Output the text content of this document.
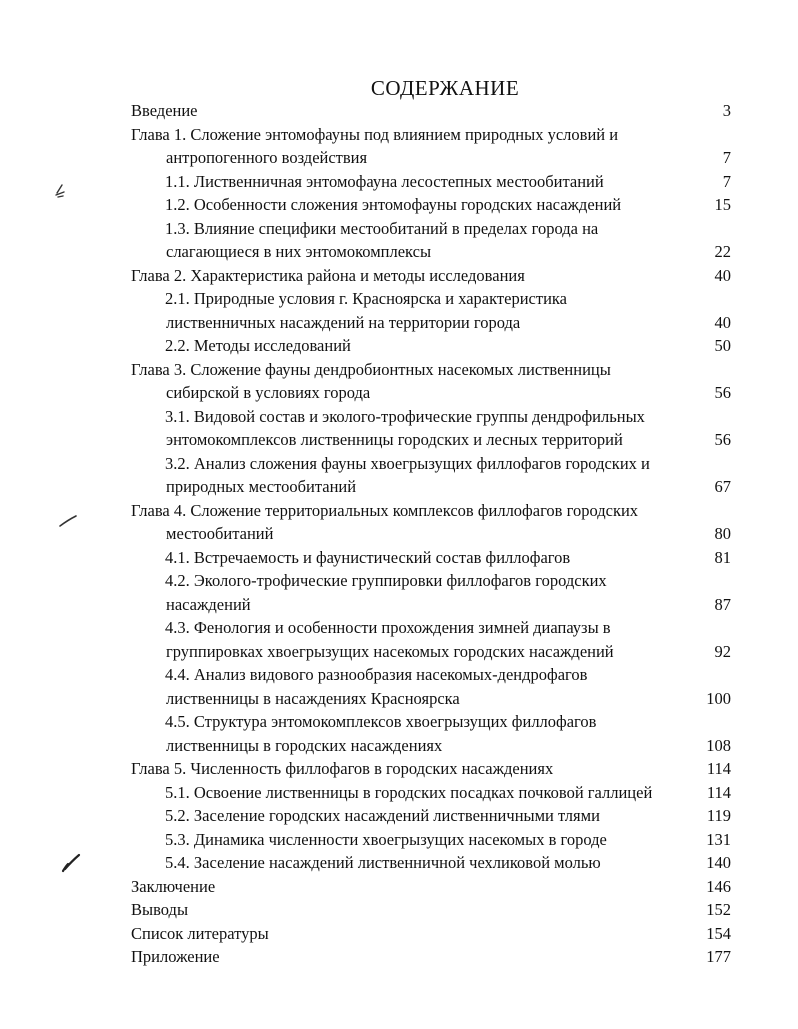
СОДЕРЖАНИЕ
Введение	3
Глава 1. Сложение энтомофауны под влиянием природных условий и
антропогенного воздействия	7
1.1. Лиственничная энтомофауна лесостепных местообитаний	7
1.2. Особенности сложения энтомофауны городских насаждений	15
1.3. Влияние специфики местообитаний в пределах города на
слагающиеся в них энтомокомплексы	22
Глава 2. Характеристика района и методы исследования	40
2.1. Природные условия г. Красноярска и характеристика
лиственничных насаждений на территории города	40
2.2. Методы исследований	50
Глава 3. Сложение фауны дендробионтных насекомых лиственницы
сибирской в условиях города	56
3.1. Видовой состав и эколого-трофические группы дендрофильных
энтомокомплексов лиственницы городских и лесных территорий	56
3.2. Анализ сложения фауны хвоегрызущих филлофагов городских и
природных местообитаний	67
Глава 4. Сложение территориальных комплексов филлофагов городских
местообитаний	80
4.1. Встречаемость и фаунистический состав филлофагов	81
4.2. Эколого-трофические группировки филлофагов городских
насаждений	87
4.3. Фенология и особенности прохождения зимней диапаузы в
группировках хвоегрызущих насекомых городских насаждений	92
4.4. Анализ видового разнообразия насекомых-дендрофагов
лиственницы в насаждениях Красноярска	100
4.5. Структура энтомокомплексов хвоегрызущих филлофагов
лиственницы в городских насаждениях	108
Глава 5. Численность филлофагов в городских насаждениях	114
5.1. Освоение лиственницы в городских посадках почковой галлицей	114
5.2. Заселение городских насаждений лиственничными тлями	119
5.3. Динамика численности хвоегрызущих насекомых в городе	131
5.4. Заселение насаждений лиственничной чехликовой молью	140
Заключение	146
Выводы	152
Список литературы	154
Приложение	177
